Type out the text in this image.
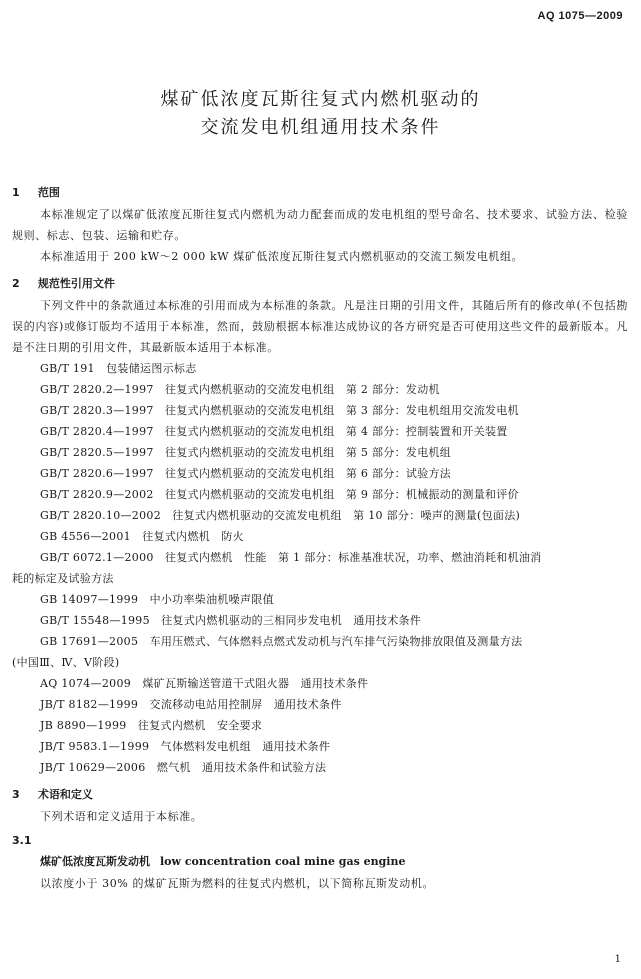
AQ 1075—2009
煤矿低浓度瓦斯往复式内燃机驱动的
交流发电机组通用技术条件
1 范围
本标准规定了以煤矿低浓度瓦斯往复式内燃机为动力配套而成的发电机组的型号命名、技术要求、试验方法、检验规则、标志、包装、运输和贮存。
本标准适用于 200 kW～2 000 kW 煤矿低浓度瓦斯往复式内燃机驱动的交流工频发电机组。
2 规范性引用文件
下列文件中的条款通过本标准的引用而成为本标准的条款。凡是注日期的引用文件，其随后所有的修改单(不包括勘误的内容)或修订版均不适用于本标准，然而，鼓励根据本标准达成协议的各方研究是否可使用这些文件的最新版本。凡是不注日期的引用文件，其最新版本适用于本标准。
GB/T 191　 包装储运图示标志
GB/T 2820.2—1997　 往复式内燃机驱动的交流发电机组　第 2 部分：发动机
GB/T 2820.3—1997　 往复式内燃机驱动的交流发电机组　第 3 部分：发电机组用交流发电机
GB/T 2820.4—1997　 往复式内燃机驱动的交流发电机组　第 4 部分：控制装置和开关装置
GB/T 2820.5—1997　 往复式内燃机驱动的交流发电机组　第 5 部分：发电机组
GB/T 2820.6—1997　 往复式内燃机驱动的交流发电机组　第 6 部分：试验方法
GB/T 2820.9—2002　 往复式内燃机驱动的交流发电机组　第 9 部分：机械振动的测量和评价
GB/T 2820.10—2002　 往复式内燃机驱动的交流发电机组　第 10 部分：噪声的测量(包面法)
GB 4556—2001　 往复式内燃机　防火
GB/T 6072.1—2000　 往复式内燃机　性能　第 1 部分：标准基准状况，功率、燃油消耗和机油消
耗的标定及试验方法
GB 14097—1999　 中小功率柴油机噪声限值
GB/T 15548—1995　 往复式内燃机驱动的三相同步发电机　通用技术条件
GB 17691—2005　 车用压燃式、气体燃料点燃式发动机与汽车排气污染物排放限值及测量方法
(中国Ⅲ、Ⅳ、Ⅴ阶段)
AQ 1074—2009　 煤矿瓦斯输送管道干式阻火器　通用技术条件
JB/T 8182—1999　 交流移动电站用控制屏　通用技术条件
JB 8890—1999　 往复式内燃机　安全要求
JB/T 9583.1—1999　 气体燃料发电机组　通用技术条件
JB/T 10629—2006　 燃气机　通用技术条件和试验方法
3 术语和定义
下列术语和定义适用于本标准。
3.1
煤矿低浓度瓦斯发动机 low concentration coal mine gas engine
以浓度小于 30% 的煤矿瓦斯为燃料的往复式内燃机，以下简称瓦斯发动机。
1
